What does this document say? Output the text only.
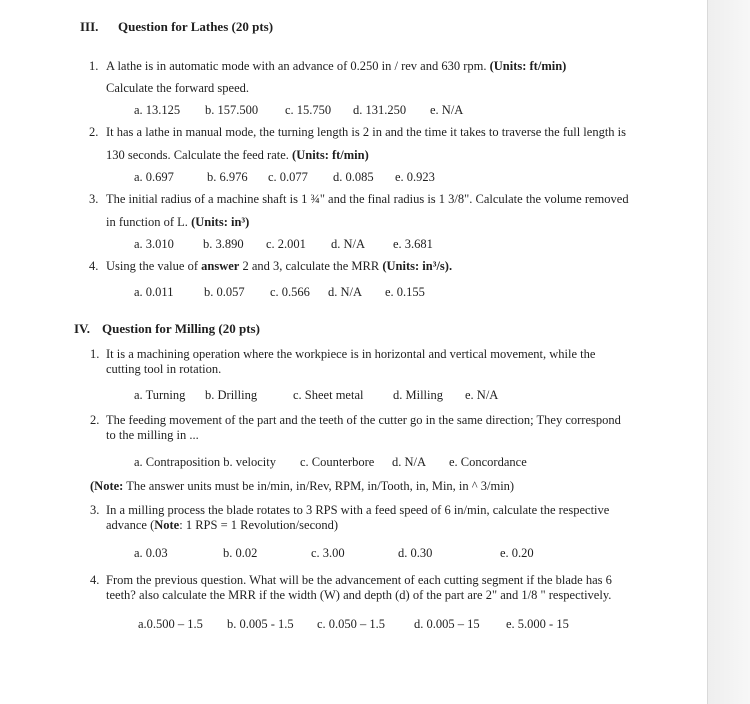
III. Question for Lathes (20 pts)
1. A lathe is in automatic mode with an advance of 0.250 in / rev and 630 rpm. (Units: ft/min)
Calculate the forward speed.
a. 13.125 b. 157.500 c. 15.750 d. 131.250 e. N/A
2. It has a lathe in manual mode, the turning length is 2 in and the time it takes to traverse the full length is
130 seconds. Calculate the feed rate. (Units: ft/min)
a. 0.697	b. 6.976 c. 0.077 d. 0.085 e. 0.923
3. The initial radius of a machine shaft is 1 ¾" and the final radius is 1 3/8". Calculate the volume removed
in function of L. (Units: in³)
a. 3.010 b. 3.890 c. 2.001 d. N/A e. 3.681
4. Using the value of answer 2 and 3, calculate the MRR (Units: in³/s).
a. 0.011 b. 0.057 c. 0.566 d. N/A e. 0.155
IV. Question for Milling (20 pts)
1. It is a machining operation where the workpiece is in horizontal and vertical movement, while the
cutting tool in rotation.
a. Turning b. Drilling	c. Sheet metal d. Milling e. N/A
2. The feeding movement of the part and the teeth of the cutter go in the same direction; They correspond
to the milling in ...
a. Contraposition b. velocity c. Counterbore d. N/A e. Concordance
(Note: The answer units must be in/min, in/Rev, RPM, in/Tooth, in, Min, in ^ 3/min)
3. In a milling process the blade rotates to 3 RPS with a feed speed of 6 in/min, calculate the respective
advance (Note: 1 RPS = 1 Revolution/second)
a. 0.03	b. 0.02	c. 3.00	d. 0.30	e. 0.20
4. From the previous question. What will be the advancement of each cutting segment if the blade has 6
teeth? also calculate the MRR if the width (W) and depth (d) of the part are 2" and 1/8 " respectively.
a.0.500 – 1.5 b. 0.005 - 1.5 c. 0.050 – 1.5 d. 0.005 – 15 e. 5.000 - 15
